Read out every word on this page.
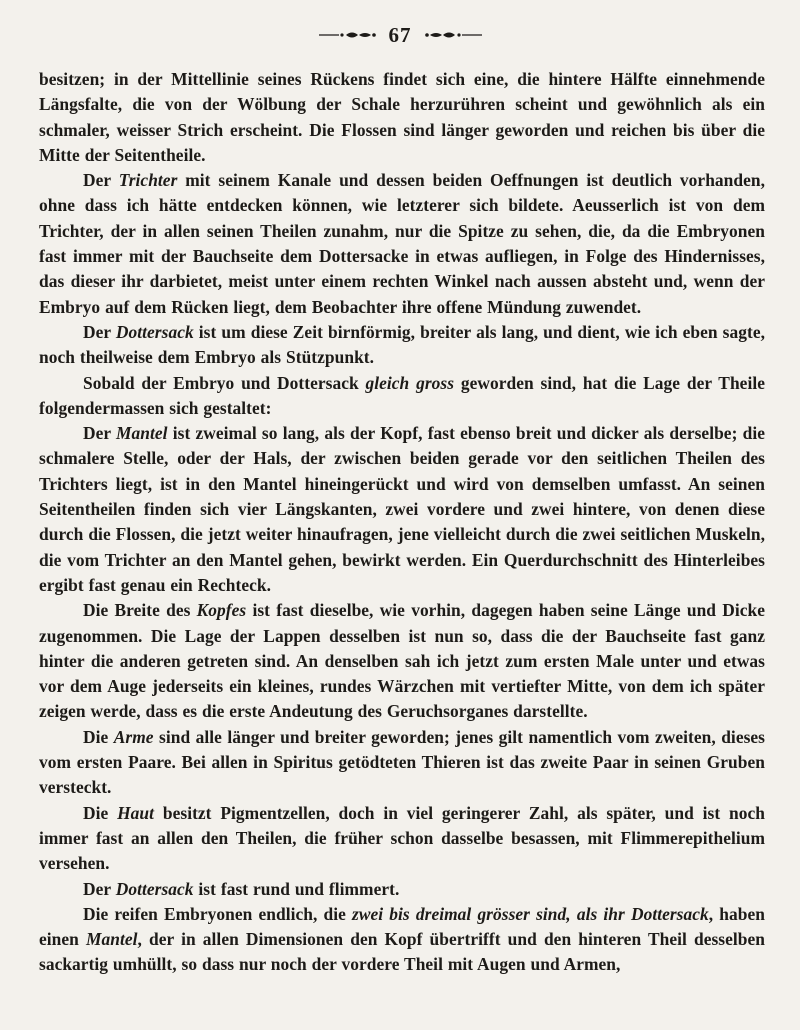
67

besitzen; in der Mittellinie seines Rückens findet sich eine, die hintere Hälfte einnehmende Längsfalte, die von der Wölbung der Schale herzurühren scheint und gewöhnlich als ein schmaler, weisser Strich erscheint. Die Flossen sind länger geworden und reichen bis über die Mitte der Seitentheile.

Der Trichter mit seinem Kanale und dessen beiden Oeffnungen ist deutlich vorhanden, ohne dass ich hätte entdecken können, wie letzterer sich bildete. Aeusserlich ist von dem Trichter, der in allen seinen Theilen zunahm, nur die Spitze zu sehen, die, da die Embryonen fast immer mit der Bauchseite dem Dottersacke in etwas aufliegen, in Folge des Hindernisses, das dieser ihr darbietet, meist unter einem rechten Winkel nach aussen absteht und, wenn der Embryo auf dem Rücken liegt, dem Beobachter ihre offene Mündung zuwendet.

Der Dottersack ist um diese Zeit birnförmig, breiter als lang, und dient, wie ich eben sagte, noch theilweise dem Embryo als Stützpunkt.

Sobald der Embryo und Dottersack gleich gross geworden sind, hat die Lage der Theile folgendermassen sich gestaltet:

Der Mantel ist zweimal so lang, als der Kopf, fast ebenso breit und dicker als derselbe; die schmalere Stelle, oder der Hals, der zwischen beiden gerade vor den seitlichen Theilen des Trichters liegt, ist in den Mantel hineingerückt und wird von demselben umfasst. An seinen Seitentheilen finden sich vier Längskanten, zwei vordere und zwei hintere, von denen diese durch die Flossen, die jetzt weiter hinaufragen, jene vielleicht durch die zwei seitlichen Muskeln, die vom Trichter an den Mantel gehen, bewirkt werden. Ein Querdurchschnitt des Hinterleibes ergibt fast genau ein Rechteck.

Die Breite des Kopfes ist fast dieselbe, wie vorhin, dagegen haben seine Länge und Dicke zugenommen. Die Lage der Lappen desselben ist nun so, dass die der Bauchseite fast ganz hinter die anderen getreten sind. An denselben sah ich jetzt zum ersten Male unter und etwas vor dem Auge jederseits ein kleines, rundes Wärzchen mit vertiefter Mitte, von dem ich später zeigen werde, dass es die erste Andeutung des Geruchsorganes darstellte.

Die Arme sind alle länger und breiter geworden; jenes gilt namentlich vom zweiten, dieses vom ersten Paare. Bei allen in Spiritus getödteten Thieren ist das zweite Paar in seinen Gruben versteckt.

Die Haut besitzt Pigmentzellen, doch in viel geringerer Zahl, als später, und ist noch immer fast an allen den Theilen, die früher schon dasselbe besassen, mit Flimmerepithelium versehen.

Der Dottersack ist fast rund und flimmert.

Die reifen Embryonen endlich, die zwei bis dreimal grösser sind, als ihr Dottersack, haben einen Mantel, der in allen Dimensionen den Kopf übertrifft und den hinteren Theil desselben sackartig umhüllt, so dass nur noch der vordere Theil mit Augen und Armen,
